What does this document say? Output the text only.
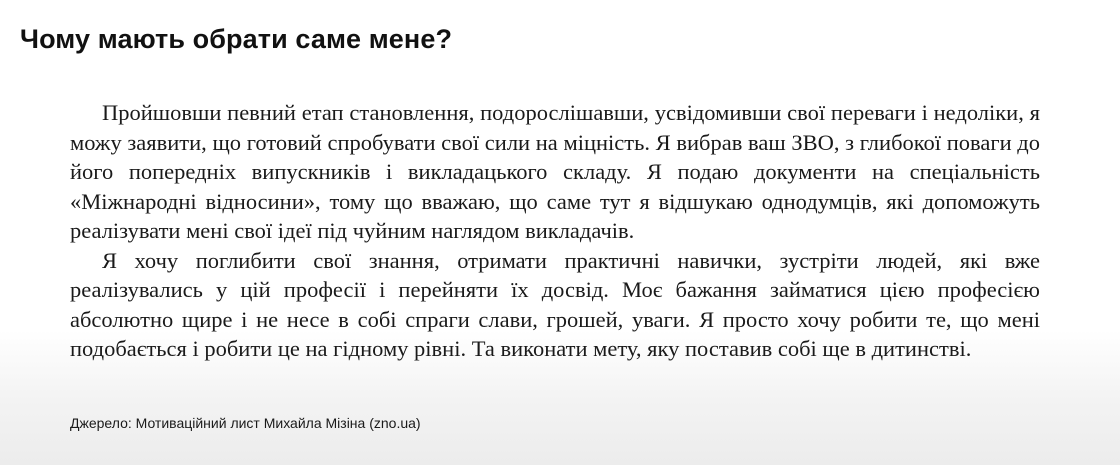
Чому мають обрати саме мене?

Пройшовши певний етап становлення, подорослішавши, усвідомивши свої переваги і недоліки, я можу заявити, що готовий спробувати свої сили на міцність. Я вибрав ваш ЗВО, з глибокої поваги до його попередніх випускників і викладацького складу. Я подаю документи на спеціальність «Міжнародні відносини», тому що вважаю, що саме тут я відшукаю однодумців, які допоможуть реалізувати мені свої ідеї під чуйним наглядом викладачів.

Я хочу поглибити свої знання, отримати практичні навички, зустріти людей, які вже реалізувались у цій професії і перейняти їх досвід. Моє бажання займатися цією професією абсолютно щире і не несе в собі спраги слави, грошей, уваги. Я просто хочу робити те, що мені подобається і робити це на гідному рівні. Та виконати мету, яку поставив собі ще в дитинстві.

Джерело: Мотиваційний лист Михайла Мізіна (zno.ua)
